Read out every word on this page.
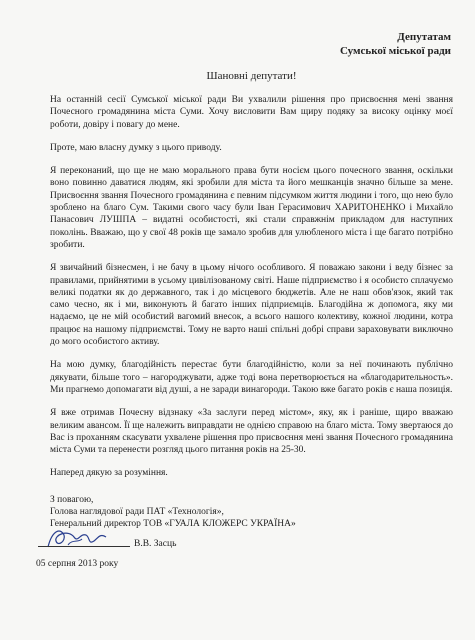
Депутатам
Сумської міської ради
Шановні депутати!

На останній сесії Сумської міської ради Ви ухвалили рішення про присвоєння мені звання Почесного громадянина міста Суми. Хочу висловити Вам щиру подяку за високу оцінку моєї роботи, довіру і повагу до мене.

Проте, маю власну думку з цього приводу.

Я переконаний, що ще не маю морального права бути носієм цього почесного звання, оскільки воно повинно даватися людям, які зробили для міста та його мешканців значно більше за мене. Присвоєння звання Почесного громадянина є певним підсумком життя людини і того, що нею було зроблено на благо Сум. Такими свого часу були Іван Герасимович ХАРИТОНЕНКО і Михайло Панасович ЛУШПА – видатні особистості, які стали справжнім прикладом для наступних поколінь. Вважаю, що у свої 48 років ще замало зробив для улюбленого міста і ще багато потрібно зробити.

Я звичайний бізнесмен, і не бачу в цьому нічого особливого. Я поважаю закони і веду бізнес за правилами, прийнятими в усьому цивілізованому світі. Наше підприємство і я особисто сплачуємо великі податки як до державного, так і до місцевого бюджетів. Але не наш обов'язок, який так само чесно, як і ми, виконують й багато інших підприємців. Благодійна ж допомога, яку ми надаємо, це не мій особистий вагомий внесок, а всього нашого колективу, кожної людини, котра працює на нашому підприємстві. Тому не варто наші спільні добрі справи зараховувати виключно до мого особистого активу.

На мою думку, благодійність перестає бути благодійністю, коли за неї починають публічно дякувати, більше того – нагороджувати, адже тоді вона перетворюється на «благодарительность». Ми прагнемо допомагати від душі, а не заради винагороди. Такою вже багато років є наша позиція.

Я вже отримав Почесну відзнаку «За заслуги перед містом», яку, як і раніше, щиро вважаю великим авансом. Її ще належить виправдати не однією справою на благо міста. Тому звертаюся до Вас із проханням скасувати ухвалене рішення про присвоєння мені звання Почесного громадянина міста Суми та перенести розгляд цього питання років на 25-30.

Наперед дякую за розуміння.
З повагою,
Голова наглядової ради ПАТ «Технологія»,
Генеральний директор ТОВ «ГУАЛА КЛОЖЕРС УКРАЇНА»
В.В. Засць
05 серпня 2013 року
